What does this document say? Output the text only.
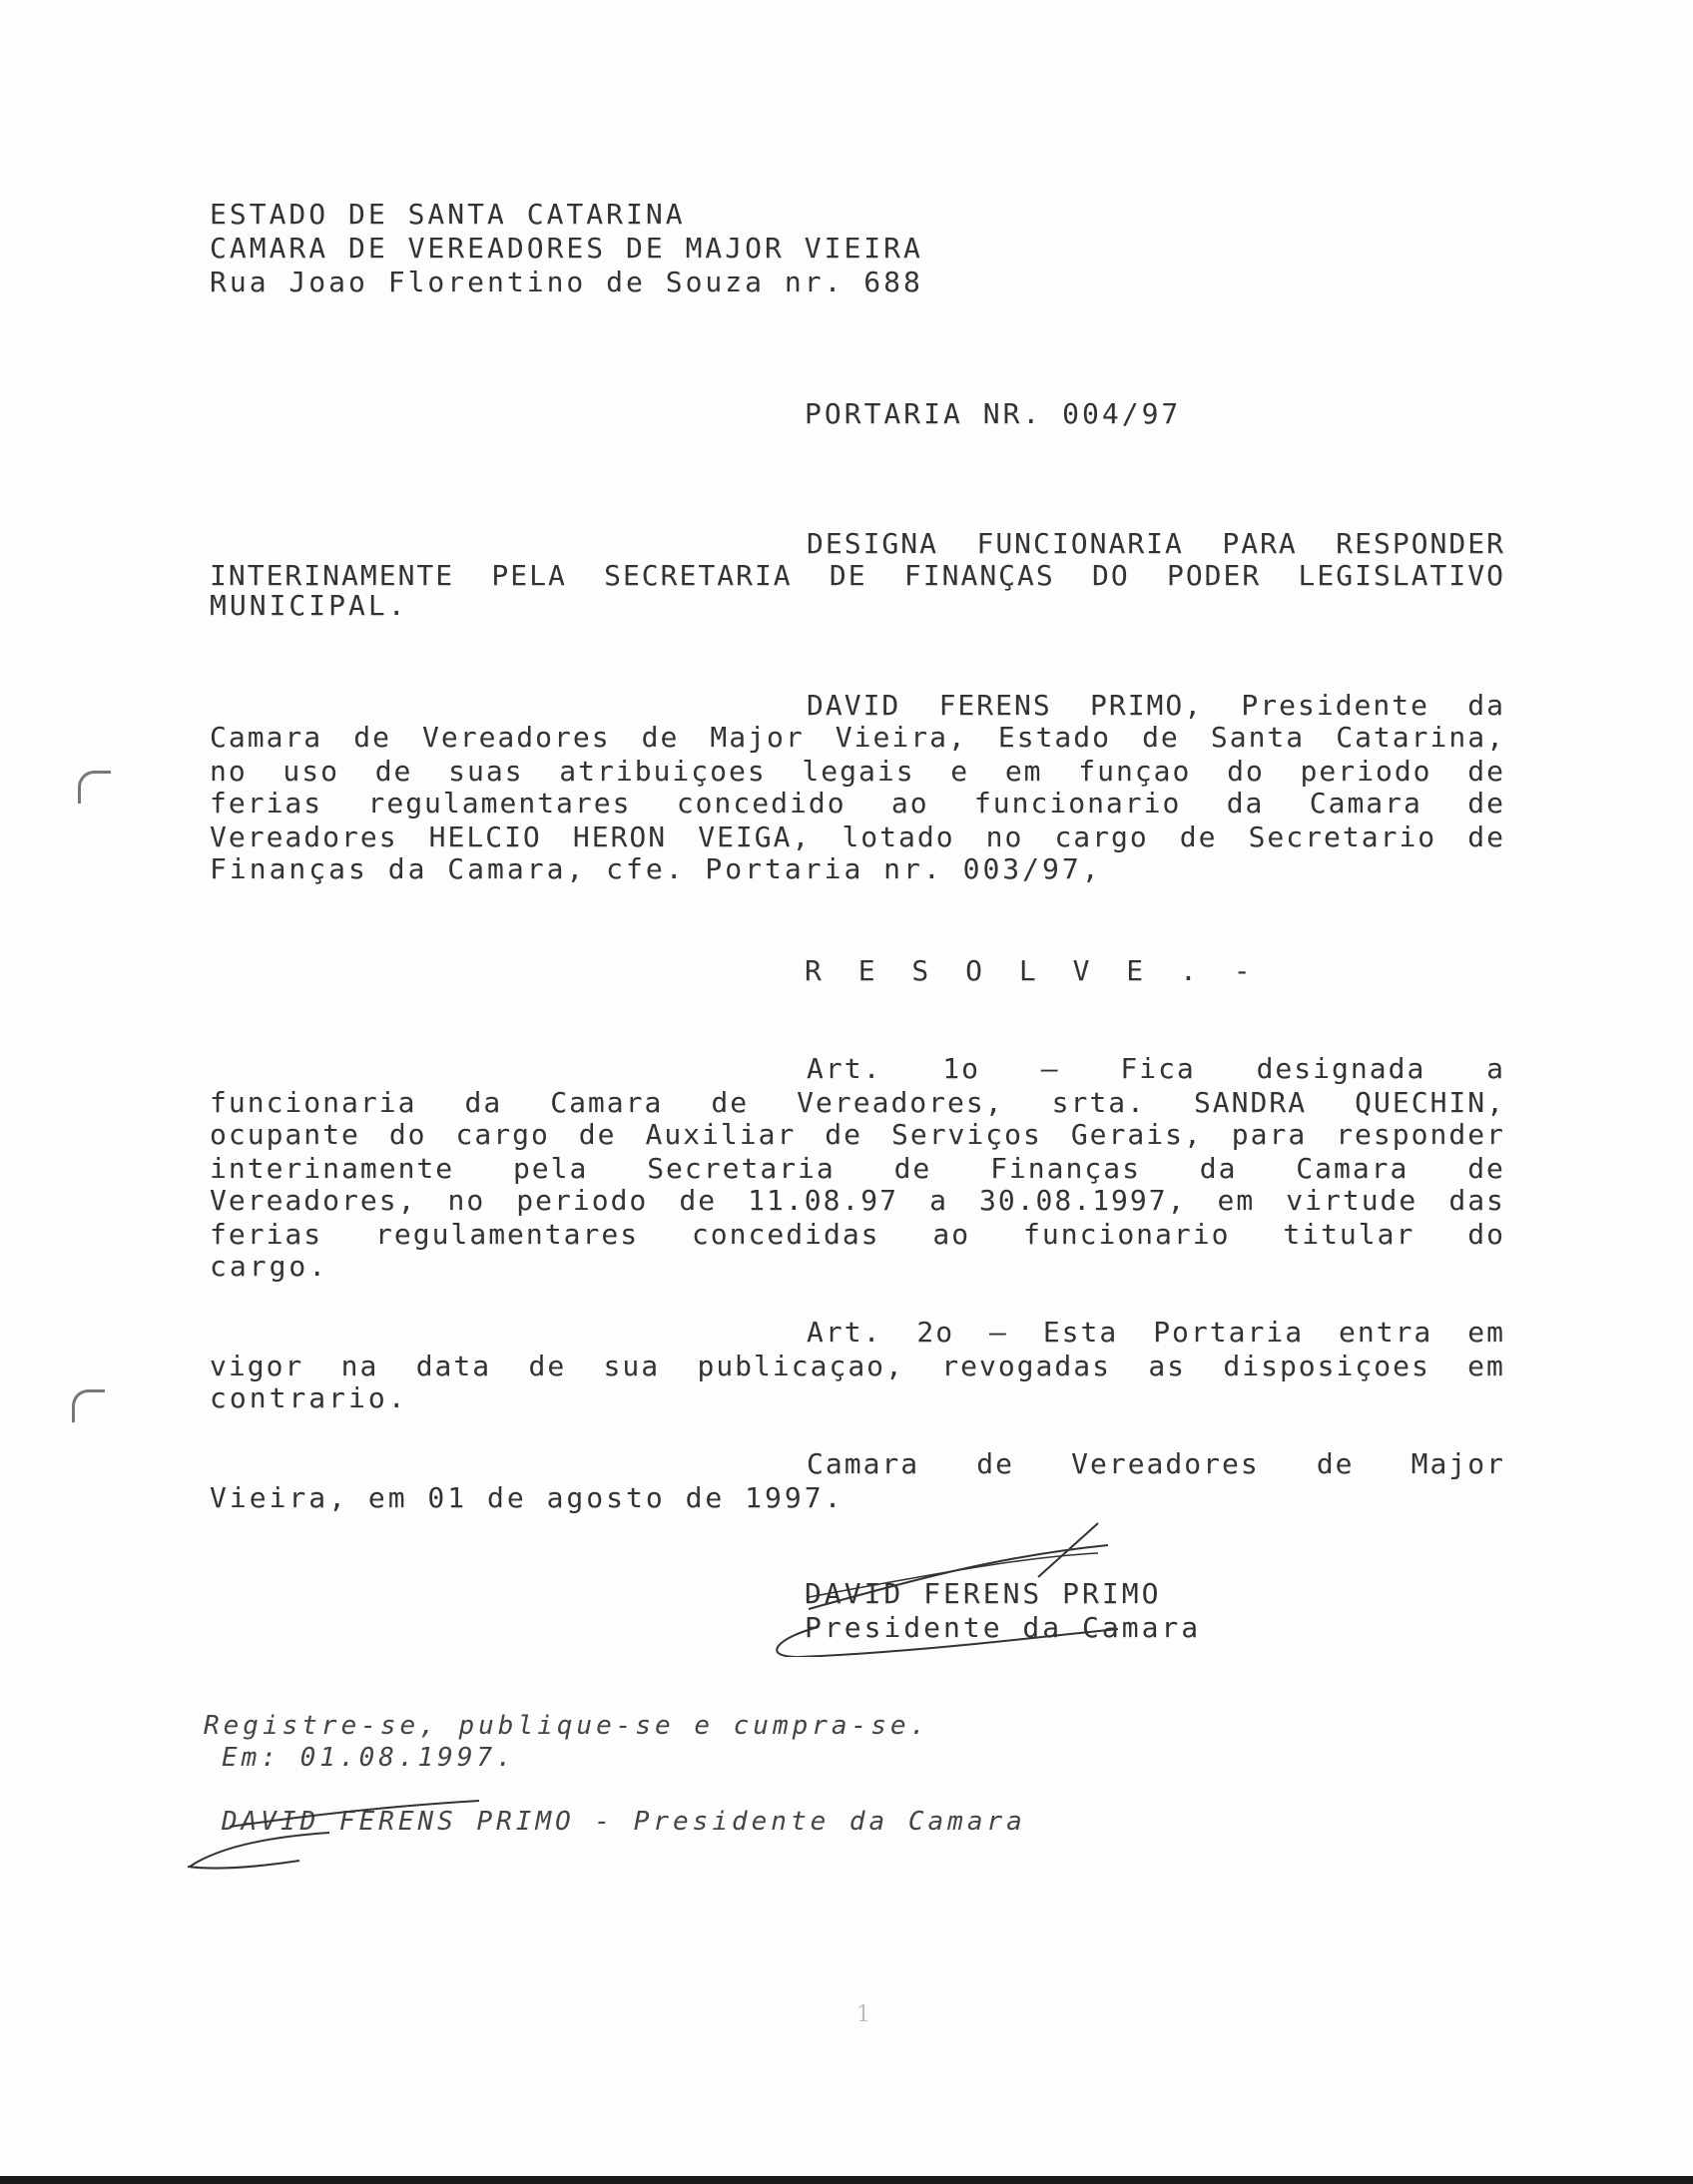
ESTADO DE SANTA CATARINA
CAMARA DE VEREADORES DE MAJOR VIEIRA
Rua Joao Florentino de Souza nr. 688
PORTARIA NR. 004/97
DESIGNA FUNCIONARIA PARA RESPONDER
INTERINAMENTE PELA SECRETARIA DE FINANÇAS DO PODER LEGISLATIVO
MUNICIPAL.
DAVID FERENS PRIMO, Presidente da
Camara de Vereadores de Major Vieira, Estado de Santa Catarina,
no uso de suas atribuiçoes legais e em funçao do periodo de
ferias regulamentares concedido ao funcionario da Camara de
Vereadores HELCIO HERON VEIGA, lotado no cargo de Secretario de
Finanças da Camara, cfe. Portaria nr. 003/97,
R E S O L V E . -
Art. 1o – Fica designada a
funcionaria da Camara de Vereadores, srta. SANDRA QUECHIN,
ocupante do cargo de Auxiliar de Serviços Gerais, para responder
interinamente pela Secretaria de Finanças da Camara de
Vereadores, no periodo de 11.08.97 a 30.08.1997, em virtude das
ferias regulamentares concedidas ao funcionario titular do
cargo.
Art. 2o – Esta Portaria entra em
vigor na data de sua publicaçao, revogadas as disposiçoes em
contrario.
Camara de Vereadores de Major
Vieira, em 01 de agosto de 1997.
DAVID FERENS PRIMO
Presidente da Camara
Registre-se, publique-se e cumpra-se.
Em: 01.08.1997.
DAVID FERENS PRIMO - Presidente da Camara
1
